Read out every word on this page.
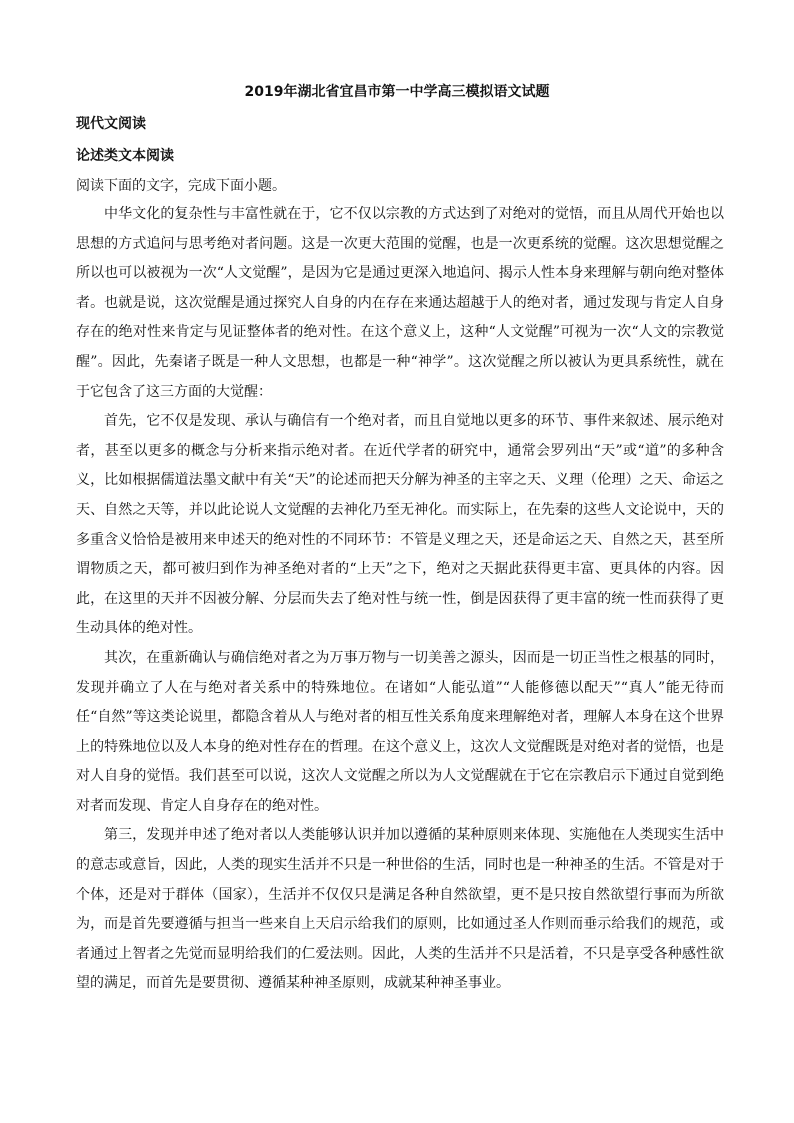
2019年湖北省宜昌市第一中学高三模拟语文试题
现代文阅读
论述类文本阅读

阅读下面的文字，完成下面小题。

中华文化的复杂性与丰富性就在于，它不仅以宗教的方式达到了对绝对的觉悟，而且从周代开始也以思想的方式追问与思考绝对者问题。这是一次更大范围的觉醒，也是一次更系统的觉醒。这次思想觉醒之所以也可以被视为一次“人文觉醒”，是因为它是通过更深入地追问、揭示人性本身来理解与朝向绝对整体者。也就是说，这次觉醒是通过探究人自身的内在存在来通达超越于人的绝对者，通过发现与肯定人自身存在的绝对性来肯定与见证整体者的绝对性。在这个意义上，这种“人文觉醒”可视为一次“人文的宗教觉醒”。因此，先秦诸子既是一种人文思想，也都是一种“神学”。这次觉醒之所以被认为更具系统性，就在于它包含了这三方面的大觉醒：

首先，它不仅是发现、承认与确信有一个绝对者，而且自觉地以更多的环节、事件来叙述、展示绝对者，甚至以更多的概念与分析来指示绝对者。在近代学者的研究中，通常会罗列出“天”或“道”的多种含义，比如根据儒道法墨文献中有关“天”的论述而把天分解为神圣的主宰之天、义理（伦理）之天、命运之天、自然之天等，并以此论说人文觉醒的去神化乃至无神化。而实际上，在先秦的这些人文论说中，天的多重含义恰恰是被用来申述天的绝对性的不同环节：不管是义理之天，还是命运之天、自然之天，甚至所谓物质之天，都可被归到作为神圣绝对者的“上天”之下，绝对之天据此获得更丰富、更具体的内容。因此，在这里的天并不因被分解、分层而失去了绝对性与统一性，倒是因获得了更丰富的统一性而获得了更生动具体的绝对性。

其次，在重新确认与确信绝对者之为万事万物与一切美善之源头，因而是一切正当性之根基的同时，发现并确立了人在与绝对者关系中的特殊地位。在诸如“人能弘道”“人能修德以配天”“真人”能无待而任“自然”等这类论说里，都隐含着从人与绝对者的相互性关系角度来理解绝对者，理解人本身在这个世界上的特殊地位以及人本身的绝对性存在的哲理。在这个意义上，这次人文觉醒既是对绝对者的觉悟，也是对人自身的觉悟。我们甚至可以说，这次人文觉醒之所以为人文觉醒就在于它在宗教启示下通过自觉到绝对者而发现、肯定人自身存在的绝对性。

第三，发现并申述了绝对者以人类能够认识并加以遵循的某种原则来体现、实施他在人类现实生活中的意志或意旨，因此，人类的现实生活并不只是一种世俗的生活，同时也是一种神圣的生活。不管是对于个体，还是对于群体（国家），生活并不仅仅只是满足各种自然欲望，更不是只按自然欲望行事而为所欲为，而是首先要遵循与担当一些来自上天启示给我们的原则，比如通过圣人作则而垂示给我们的规范，或者通过上智者之先觉而显明给我们的仁爱法则。因此，人类的生活并不只是活着，不只是享受各种感性欲望的满足，而首先是要贯彻、遵循某种神圣原则，成就某种神圣事业。
